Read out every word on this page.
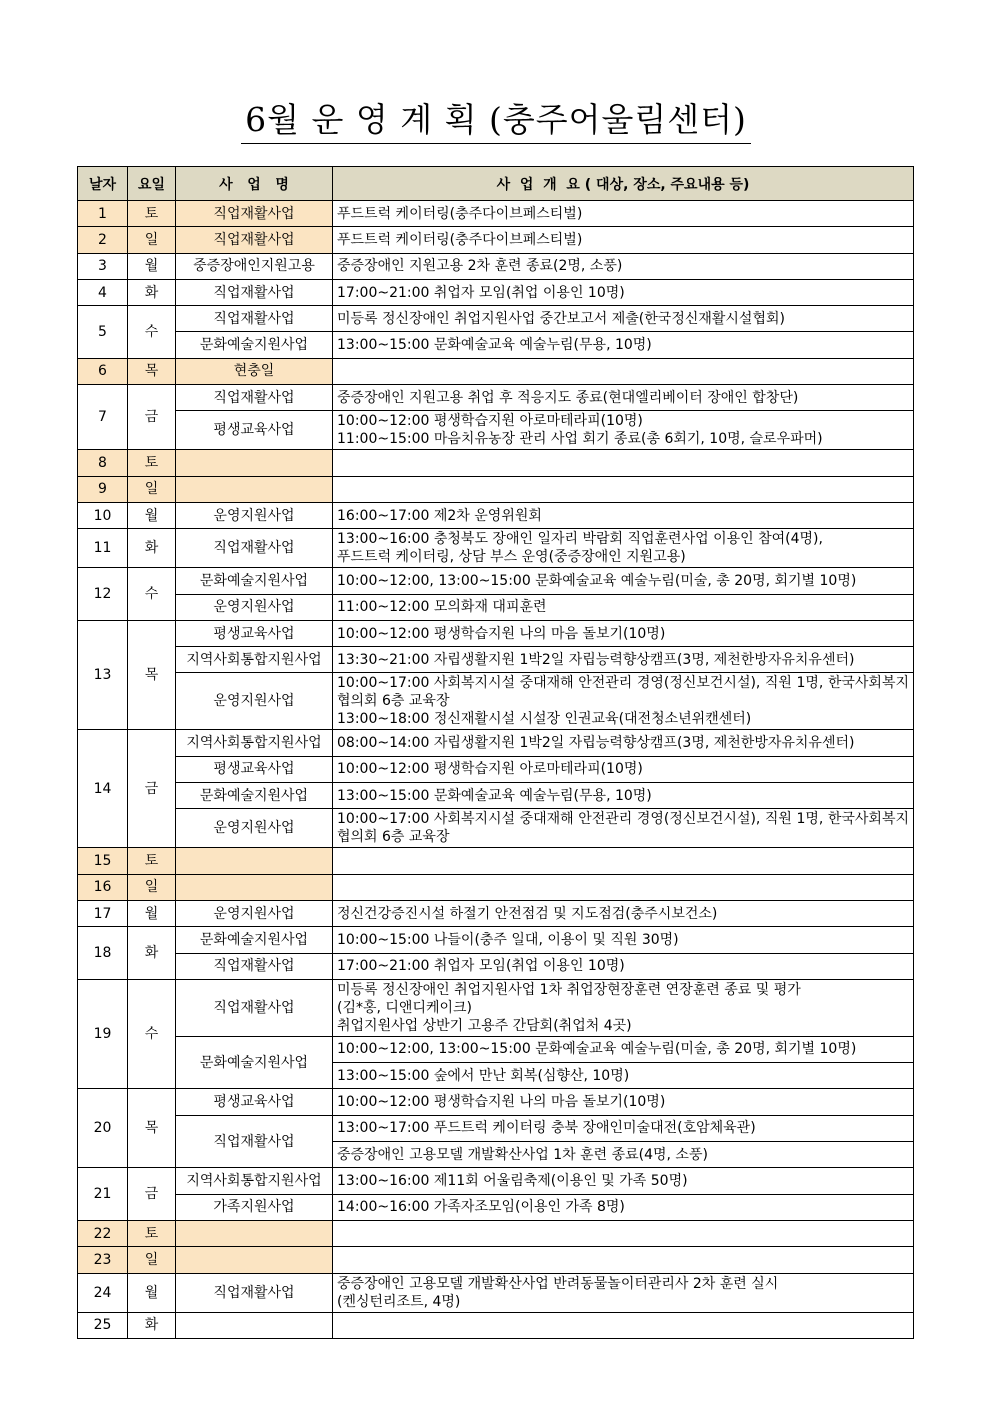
6월 운 영 계 획 (충주어울림센터)
날자	요일	사   업   명	사  업  개  요 ( 대상, 장소, 주요내용 등)
1	토	직업재활사업	푸드트럭 케이터링(충주다이브페스티벌)

2	일	직업재활사업	푸드트럭 케이터링(충주다이브페스티벌)

3	월	중증장애인지원고용	중증장애인 지원고용 2차 훈련 종료(2명, 소풍)

4	화	직업재활사업	17:00~21:00 취업자 모임(취업 이용인 10명)

5	수	직업재활사업	미등록 정신장애인 취업지원사업 중간보고서 제출(한국정신재활시설협회)

		문화예술지원사업	13:00~15:00 문화예술교육 예술누림(무용, 10명)

6	목	현충일	
7	금	직업재활사업	중증장애인 지원고용 취업 후 적응지도 종료(현대엘리베이터 장애인 합창단)

		평생교육사업	10:00~12:00 평생학습지원 아로마테라피(10명)
11:00~15:00 마음치유농장 관리 사업 회기 종료(총 6회기, 10명, 슬로우파머)

8	토		
9	일		
10	월	운영지원사업	16:00~17:00 제2차 운영위원회

11	화	직업재활사업	13:00~16:00 충청북도 장애인 일자리 박람회 직업훈련사업 이용인 참여(4명),
푸드트럭 케이터링, 상담 부스 운영(중증장애인 지원고용)

12	수	문화예술지원사업	10:00~12:00, 13:00~15:00 문화예술교육 예술누림(미술, 총 20명, 회기별 10명)

		운영지원사업	11:00~12:00 모의화재 대피훈련

13	목	평생교육사업	10:00~12:00 평생학습지원 나의 마음 돌보기(10명)

		지역사회통합지원사업	13:30~21:00 자립생활지원 1박2일 자립능력향상캠프(3명, 제천한방자유치유센터)

		운영지원사업	10:00~17:00 사회복지시설 중대재해 안전관리 경영(정신보건시설), 직원 1명, 한국사회복지협의회 6층 교육장
13:00~18:00 정신재활시설 시설장 인권교육(대전청소년위캔센터)

14	금	지역사회통합지원사업	08:00~14:00 자립생활지원 1박2일 자립능력향상캠프(3명, 제천한방자유치유센터)

		평생교육사업	10:00~12:00 평생학습지원 아로마테라피(10명)

		문화예술지원사업	13:00~15:00 문화예술교육 예술누림(무용, 10명)

		운영지원사업	10:00~17:00 사회복지시설 중대재해 안전관리 경영(정신보건시설), 직원 1명, 한국사회복지협의회 6층 교육장

15	토		
16	일		
17	월	운영지원사업	정신건강증진시설 하절기 안전점검 및 지도점검(충주시보건소)

18	화	문화예술지원사업	10:00~15:00 나들이(충주 일대, 이용이 및 직원 30명)

		직업재활사업	17:00~21:00 취업자 모임(취업 이용인 10명)

19	수	직업재활사업	미등록 정신장애인 취업지원사업 1차 취업장현장훈련 연장훈련 종료 및 평가
(김*홍, 디앤디케이크)
취업지원사업 상반기 고용주 간담회(취업처 4곳)

		문화예술지원사업	10:00~12:00, 13:00~15:00 문화예술교육 예술누림(미술, 총 20명, 회기별 10명)

			13:00~15:00 숲에서 만난 회복(심향산, 10명)

20	목	평생교육사업	10:00~12:00 평생학습지원 나의 마음 돌보기(10명)

		직업재활사업	13:00~17:00 푸드트럭 케이터링 충북 장애인미술대전(호암체육관)

			중증장애인 고용모델 개발확산사업 1차 훈련 종료(4명, 소풍)

21	금	지역사회통합지원사업	13:00~16:00 제11회 어울림축제(이용인 및 가족 50명)

		가족지원사업	14:00~16:00 가족자조모임(이용인 가족 8명)

22	토		
23	일		
24	월	직업재활사업	중증장애인 고용모델 개발확산사업 반려동물놀이터관리사 2차 훈련 실시
(켄싱턴리조트, 4명)

25	화		
